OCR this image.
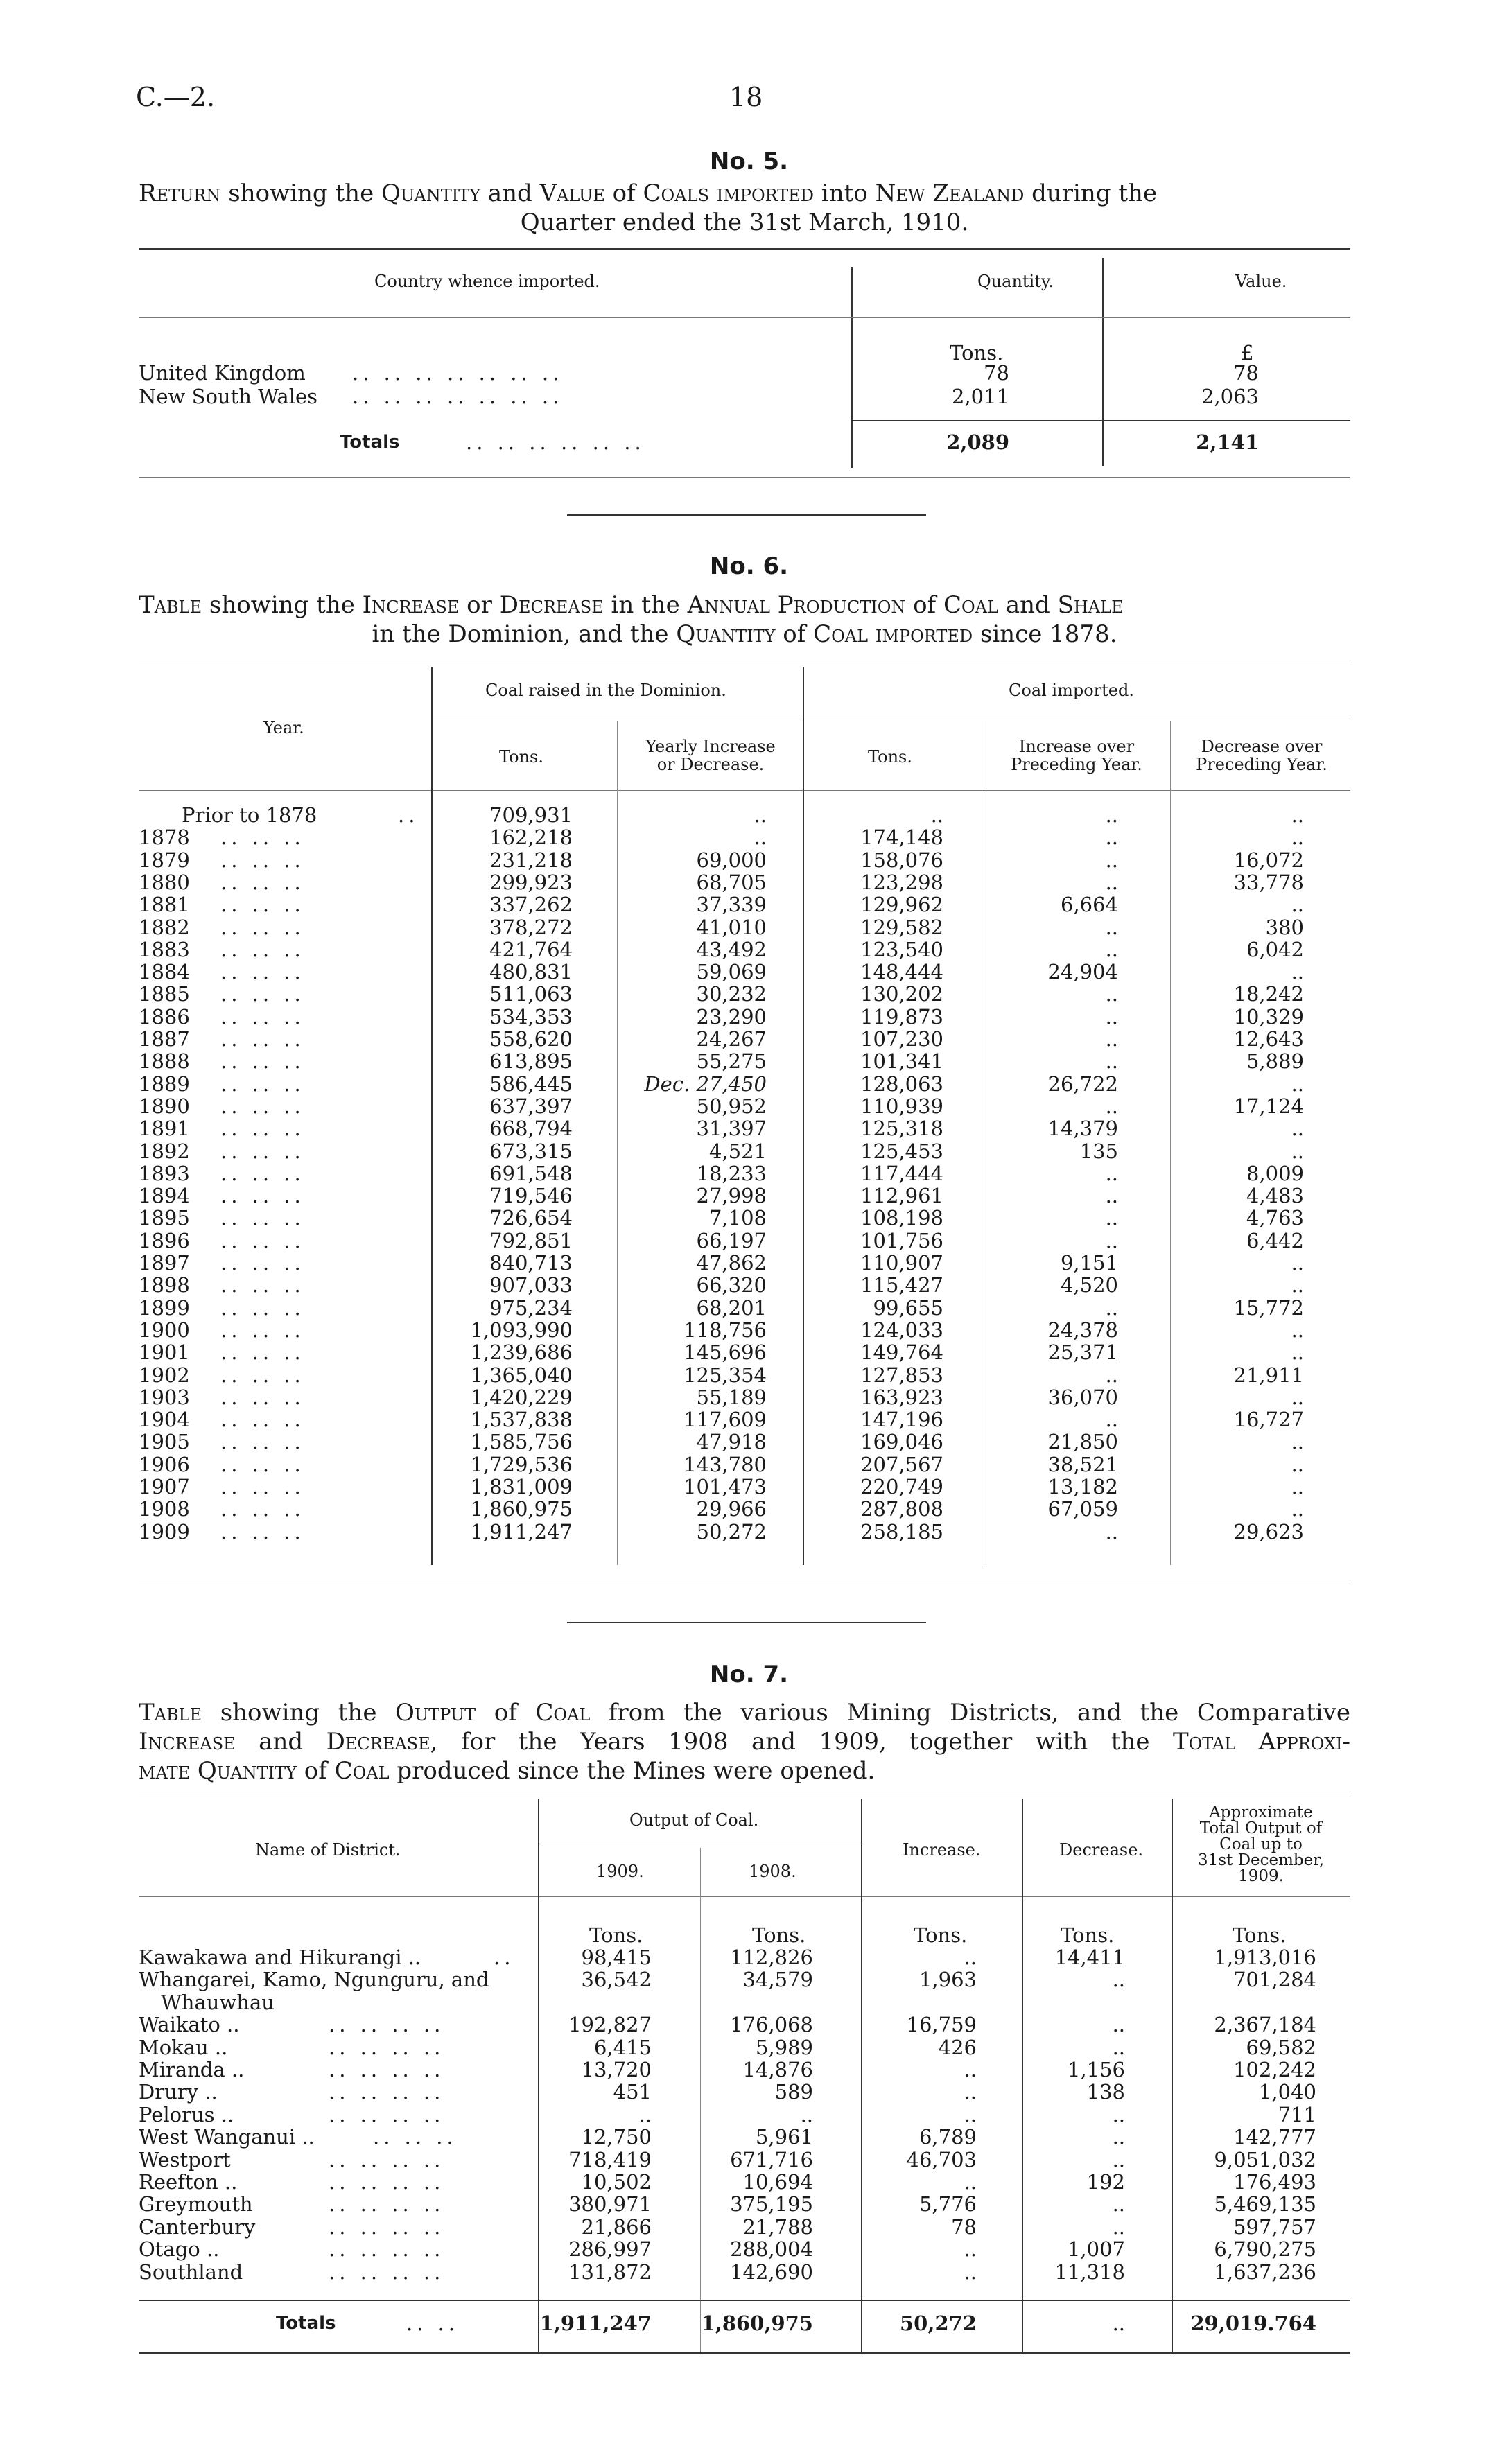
C.—2.	18
No. 5.
Return showing the Quantity and Value of Coals imported into New Zealand during the
Quarter ended the 31st March, 1910.
Country whence imported.	Quantity.	Value.
Tons.	£
United Kingdom .. .. .. .. .. .. ..	78	78
New South Wales .. .. .. .. .. .. ..	2,011	2,063
Totals	.. .. .. .. .. ..	2,089	2,141
No. 6.
Table showing the Increase or Decrease in the Annual Production of Coal and Shale
in the Dominion, and the Quantity of Coal imported since 1878.
Coal raised in the Dominion.	Coal imported.
Year.
Tons.
Yearly Increase
or Decrease.	Tons.
Increase over
Preceding Year.
Decrease over
Preceding Year.
Prior to 1878	..	709,931	..	..	..	..
1878 .. .. ..	162,218	..	174,148	..	..
1879 .. .. ..	231,218	69,000	158,076	..	16,072
1880 .. .. ..	299,923	68,705	123,298	..	33,778
1881 .. .. ..	337,262	37,339	129,962	6,664	..
1882 .. .. ..	378,272	41,010	129,582	..	380
1883 .. .. ..	421,764	43,492	123,540	..	6,042
1884 .. .. ..	480,831	59,069	148,444	24,904	..
1885 .. .. ..	511,063	30,232	130,202	..	18,242
1886 .. .. ..	534,353	23,290	119,873	..	10,329
1887 .. .. ..	558,620	24,267	107,230	..	12,643
1888 .. .. ..	613,895	55,275	101,341	..	5,889
1889 .. .. ..	586,445	Dec. 27,450	128,063	26,722	..
1890 .. .. ..	637,397	50,952	110,939	..	17,124
1891 .. .. ..	668,794	31,397	125,318	14,379	..
1892 .. .. ..	673,315	4,521	125,453	135	..
1893 .. .. ..	691,548	18,233	117,444	..	8,009
1894 .. .. ..	719,546	27,998	112,961	..	4,483
1895 .. .. ..	726,654	7,108	108,198	..	4,763
1896 .. .. ..	792,851	66,197	101,756	..	6,442
1897 .. .. ..	840,713	47,862	110,907	9,151	..
1898 .. .. ..	907,033	66,320	115,427	4,520	..
1899 .. .. ..	975,234	68,201	99,655	..	15,772
1900 .. .. ..	1,093,990	118,756	124,033	24,378	..
1901 .. .. ..	1,239,686	145,696	149,764	25,371	..
1902 .. .. ..	1,365,040	125,354	127,853	..	21,911
1903 .. .. ..	1,420,229	55,189	163,923	36,070	..
1904 .. .. ..	1,537,838	117,609	147,196	..	16,727
1905 .. .. ..	1,585,756	47,918	169,046	21,850	..
1906 .. .. ..	1,729,536	143,780	207,567	38,521	..
1907 .. .. ..	1,831,009	101,473	220,749	13,182	..
1908 .. .. ..	1,860,975	29,966	287,808	67,059	..
1909 .. .. ..	1,911,247	50,272	258,185	..	29,623
No. 7.
Table showing the Output of Coal from the various Mining Districts, and the Comparative
Increase and Decrease, for the Years 1908 and 1909, together with the Total Approxi-
mate Quantity of Coal produced since the Mines were opened.
Name of District.
Output of Coal.
1909.	1908.
Increase.	Decrease.
Approximate
Total Output of
Coal up to
31st December,
1909.
Tons.	Tons.	Tons.	Tons.	Tons.
Kawakawa and Hikurangi ..	..	98,415	112,826	..	14,411	1,913,016
Whangarei, Kamo, Ngunguru, and	36,542	34,579	1,963	..	701,284
Whauwhau
Waikato ..	.. .. .. ..	192,827	176,068	16,759	..	2,367,184
Mokau ..	.. .. .. ..	6,415	5,989	426	..	69,582
Miranda ..	.. .. .. ..	13,720	14,876	..	1,156	102,242
Drury ..	.. .. .. ..	451	589	..	138	1,040
Pelorus ..	.. .. .. ..	..	..	..	..	711
West Wanganui ..	.. .. ..	12,750	5,961	6,789	..	142,777
Westport	.. .. .. ..	718,419	671,716	46,703	..	9,051,032
Reefton ..	.. .. .. ..	10,502	10,694	..	192	176,493
Greymouth	.. .. .. ..	380,971	375,195	5,776	..	5,469,135
Canterbury	.. .. .. ..	21,866	21,788	78	..	597,757
Otago ..	.. .. .. ..	286,997	288,004	..	1,007	6,790,275
Southland	.. .. .. ..	131,872	142,690	..	11,318	1,637,236
Totals	.. ..	1,911,247 1,860,975	50,272	..	29,019.764
